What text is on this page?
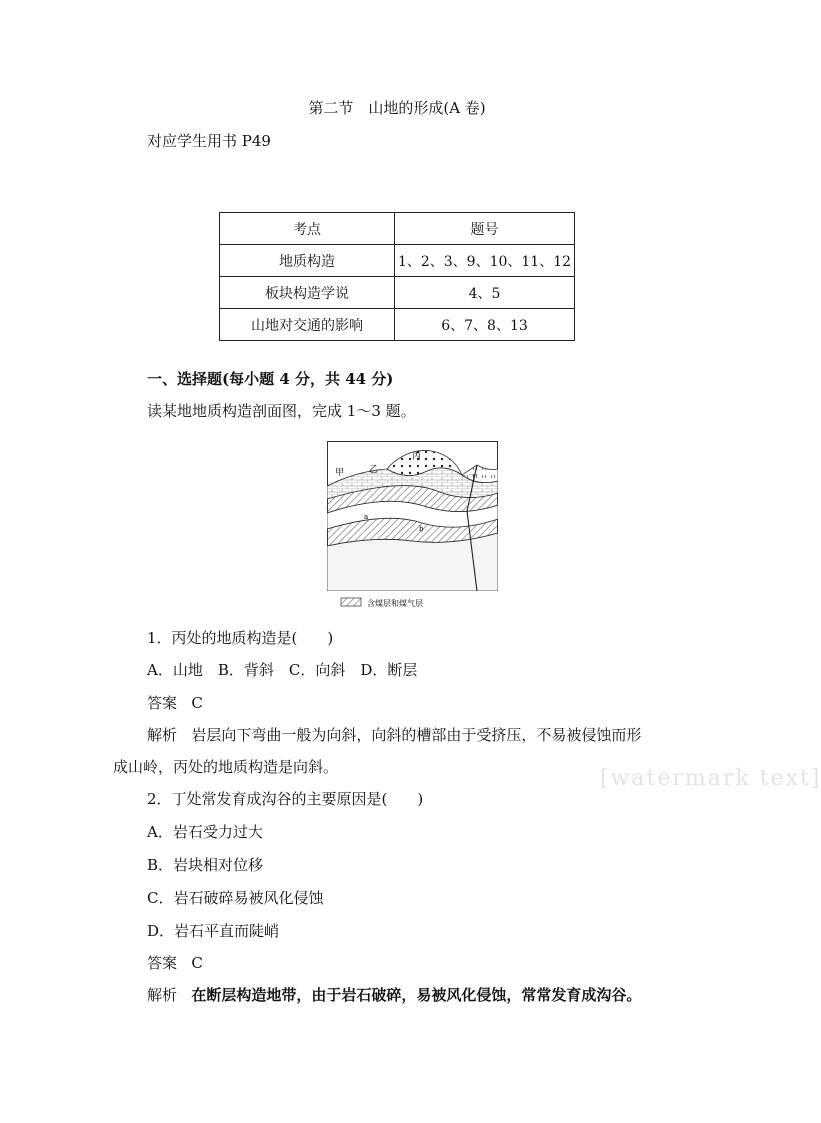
第二节　山地的形成(A 卷)
对应学生用书 P49
考点	题号
地质构造	1、2、3、9、10、11、12
板块构造学说	4、5
山地对交通的影响	6、7、8、13
一、选择题(每小题 4 分，共 44 分)
读某地地质构造剖面图，完成 1～3 题。
甲	乙
丙
丁
a
b
含煤层和煤气层
1．丙处的地质构造是(　　)
A．山地　B．背斜　C．向斜　D．断层
答案 C
解析 岩层向下弯曲一般为向斜，向斜的槽部由于受挤压，不易被侵蚀而形
成山岭，丙处的地质构造是向斜。	[watermark text]
2．丁处常发育成沟谷的主要原因是(　　)
A．岩石受力过大
B．岩块相对位移
C．岩石破碎易被风化侵蚀
D．岩石平直而陡峭
答案 C
解析 在断层构造地带，由于岩石破碎，易被风化侵蚀，常常发育成沟谷。
